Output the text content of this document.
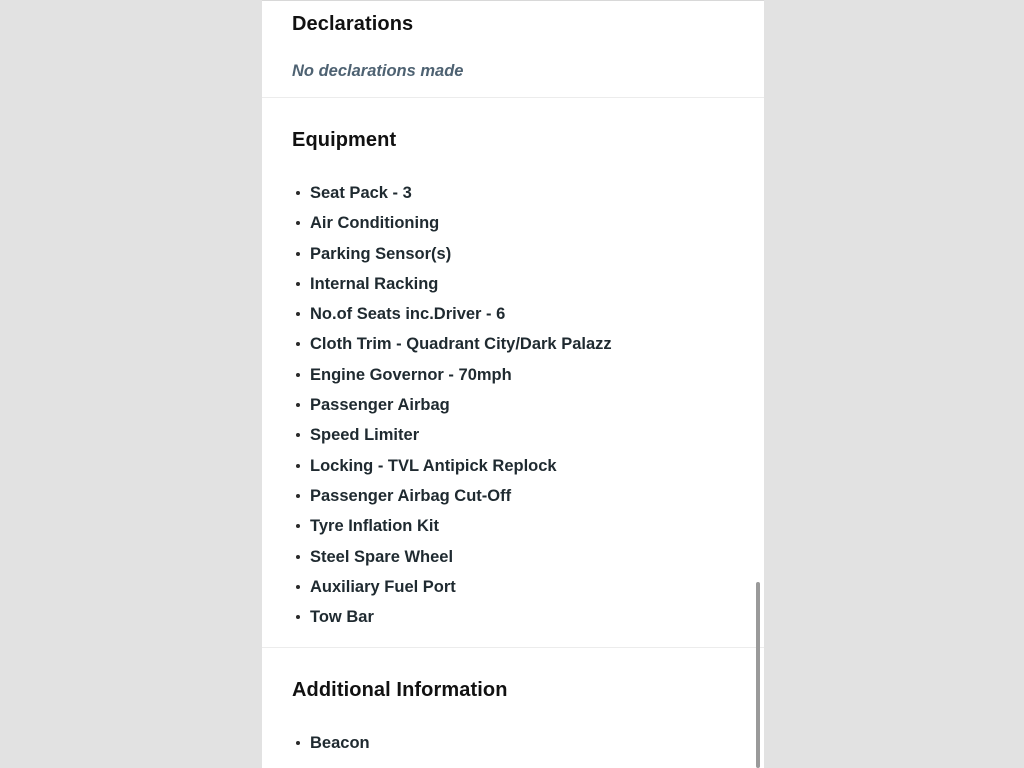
Declarations
No declarations made
Equipment
Seat Pack - 3
Air Conditioning
Parking Sensor(s)
Internal Racking
No.of Seats inc.Driver - 6
Cloth Trim - Quadrant City/Dark Palazz
Engine Governor - 70mph
Passenger Airbag
Speed Limiter
Locking - TVL Antipick Replock
Passenger Airbag Cut-Off
Tyre Inflation Kit
Steel Spare Wheel
Auxiliary Fuel Port
Tow Bar
Additional Information
Beacon
